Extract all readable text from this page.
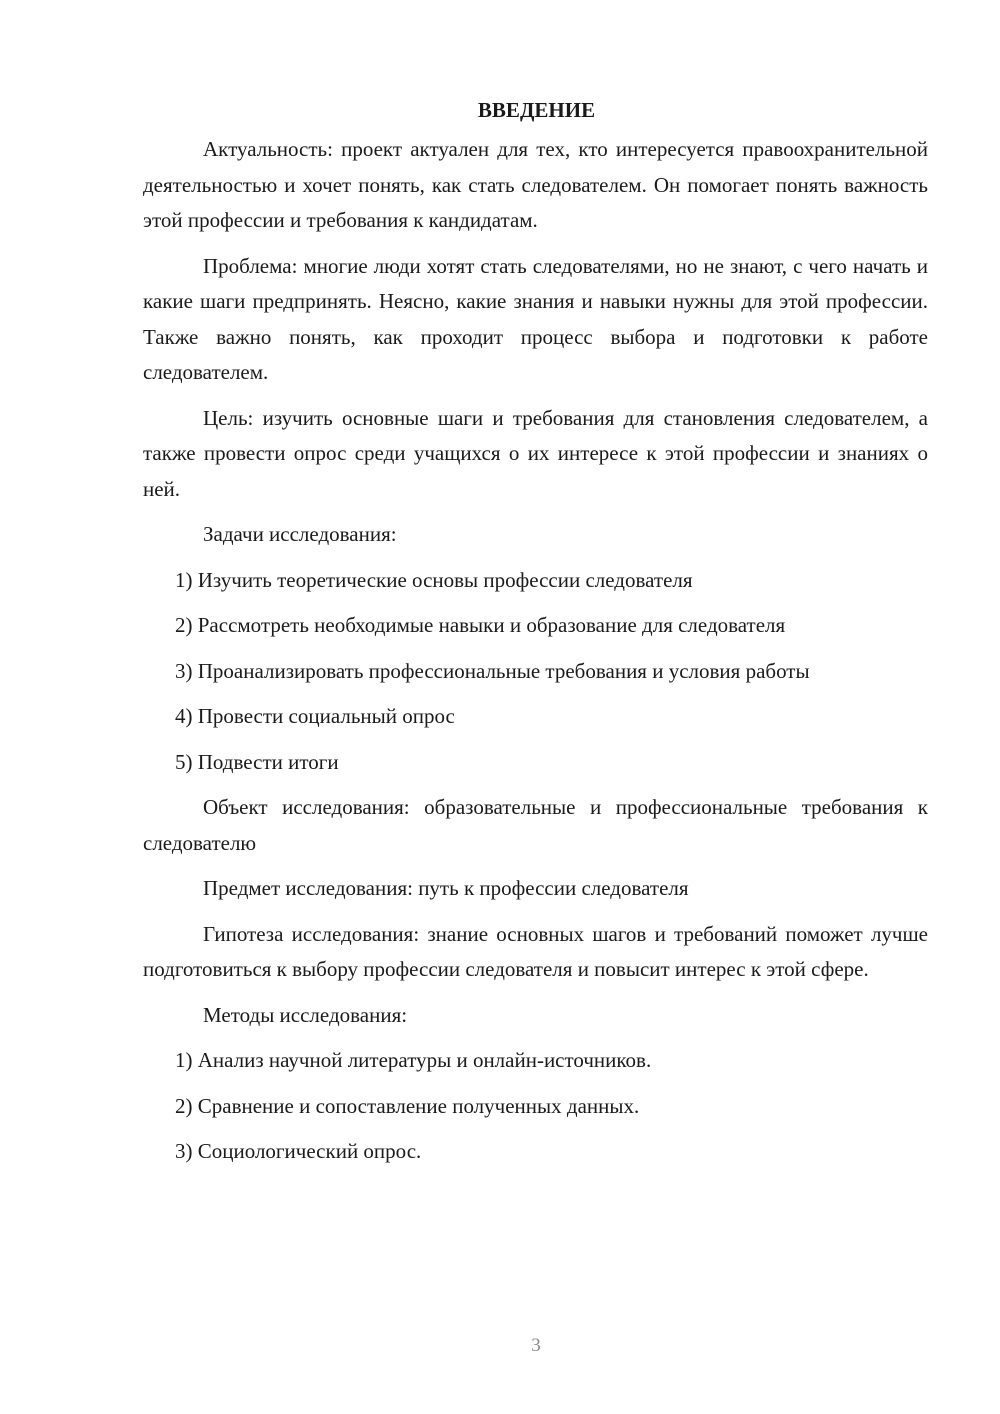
ВВЕДЕНИЕ

Актуальность: проект актуален для тех, кто интересуется правоохранительной деятельностью и хочет понять, как стать следователем. Он помогает понять важность этой профессии и требования к кандидатам.

Проблема: многие люди хотят стать следователями, но не знают, с чего начать и какие шаги предпринять. Неясно, какие знания и навыки нужны для этой профессии. Также важно понять, как проходит процесс выбора и подготовки к работе следователем.

Цель: изучить основные шаги и требования для становления следователем, а также провести опрос среди учащихся о их интересе к этой профессии и знаниях о ней.

Задачи исследования:

1) Изучить теоретические основы профессии следователя

2) Рассмотреть необходимые навыки и образование для следователя

3) Проанализировать профессиональные требования и условия работы

4) Провести социальный опрос

5) Подвести итоги

Объект исследования: образовательные и профессиональные требования к следователю

Предмет исследования: путь к профессии следователя

Гипотеза исследования: знание основных шагов и требований поможет лучше подготовиться к выбору профессии следователя и повысит интерес к этой сфере.

Методы исследования:

1) Анализ научной литературы и онлайн-источников.

2) Сравнение и сопоставление полученных данных.

3) Социологический опрос.

3
